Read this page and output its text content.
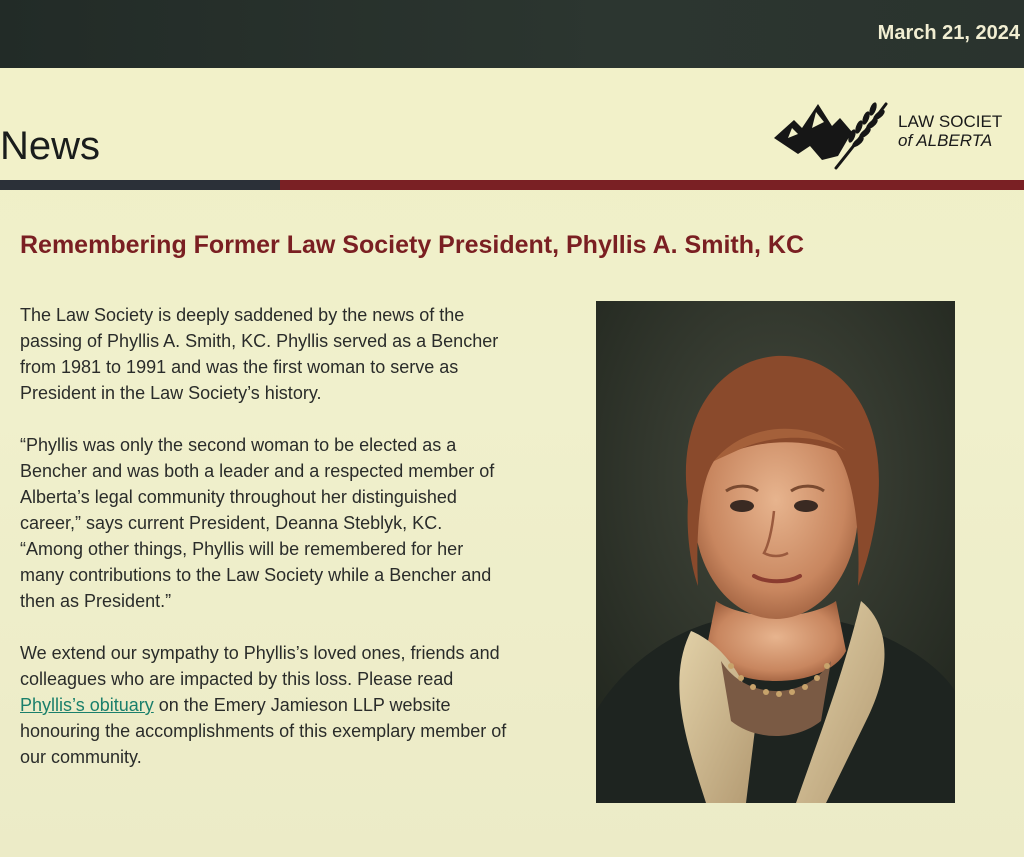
March 21, 2024
News
LAW SOCIET
of ALBERTA
Remembering Former Law Society President, Phyllis A. Smith, KC

The Law Society is deeply saddened by the news of the passing of Phyllis A. Smith, KC. Phyllis served as a Bencher from 1981 to 1991 and was the first woman to serve as President in the Law Society’s history.

“Phyllis was only the second woman to be elected as a Bencher and was both a leader and a respected member of Alberta’s legal community throughout her distinguished career,” says current President, Deanna Steblyk, KC. “Among other things, Phyllis will be remembered for her many contributions to the Law Society while a Bencher and then as President.”

We extend our sympathy to Phyllis’s loved ones, friends and colleagues who are impacted by this loss. Please read Phyllis’s obituary on the Emery Jamieson LLP website honouring the accomplishments of this exemplary member of our community.
